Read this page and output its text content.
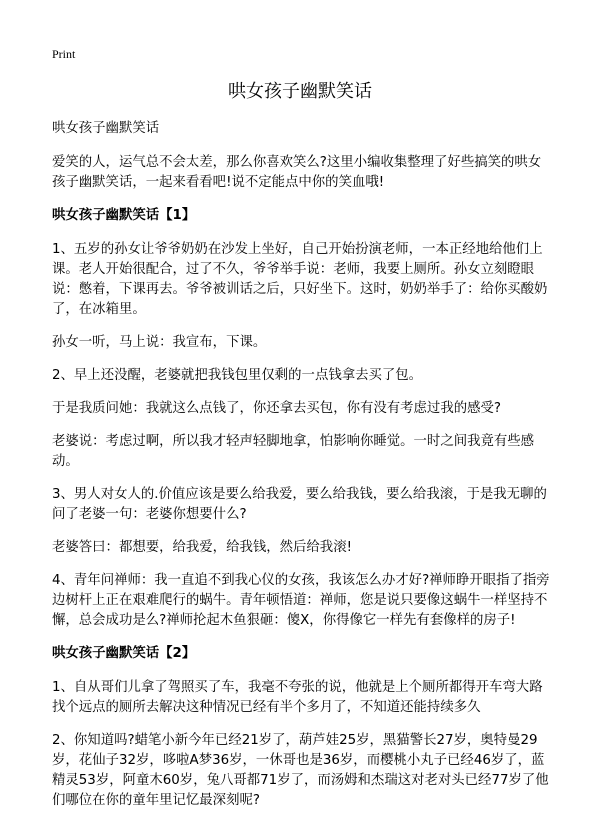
Print
哄女孩子幽默笑话

哄女孩子幽默笑话

爱笑的人，运气总不会太差，那么你喜欢笑么?这里小编收集整理了好些搞笑的哄女孩子幽默笑话，一起来看看吧!说不定能点中你的笑血哦!

哄女孩子幽默笑话【1】

1、五岁的孙女让爷爷奶奶在沙发上坐好，自己开始扮演老师，一本正经地给他们上课。老人开始很配合，过了不久，爷爷举手说：老师，我要上厕所。孙女立刻瞪眼说：憋着，下课再去。爷爷被训话之后，只好坐下。这时，奶奶举手了：给你买酸奶了，在冰箱里。

孙女一听，马上说：我宣布，下课。

2、早上还没醒，老婆就把我钱包里仅剩的一点钱拿去买了包。

于是我质问她：我就这么点钱了，你还拿去买包，你有没有考虑过我的感受?

老婆说：考虑过啊，所以我才轻声轻脚地拿，怕影响你睡觉。一时之间我竟有些感动。

3、男人对女人的.价值应该是要么给我爱，要么给我钱，要么给我滚，于是我无聊的问了老婆一句：老婆你想要什么?

老婆答曰：都想要，给我爱，给我钱，然后给我滚!

4、青年问禅师：我一直追不到我心仪的女孩，我该怎么办才好?禅师睁开眼指了指旁边树杆上正在艰难爬行的蜗牛。青年顿悟道：禅师，您是说只要像这蜗牛一样坚持不懈，总会成功是么?禅师抡起木鱼狠砸：傻X，你得像它一样先有套像样的房子!

哄女孩子幽默笑话【2】

1、自从哥们儿拿了驾照买了车，我毫不夸张的说，他就是上个厕所都得开车弯大路找个远点的厕所去解决这种情况已经有半个多月了，不知道还能持续多久

2、你知道吗?蜡笔小新今年已经21岁了，葫芦娃25岁，黑猫警长27岁，奥特曼29岁，花仙子32岁，哆啦A梦36岁，一休哥也是36岁，而樱桃小丸子已经46岁了，蓝精灵53岁，阿童木60岁，兔八哥都71岁了，而汤姆和杰瑞这对老对头已经77岁了他们哪位在你的童年里记忆最深刻呢?
